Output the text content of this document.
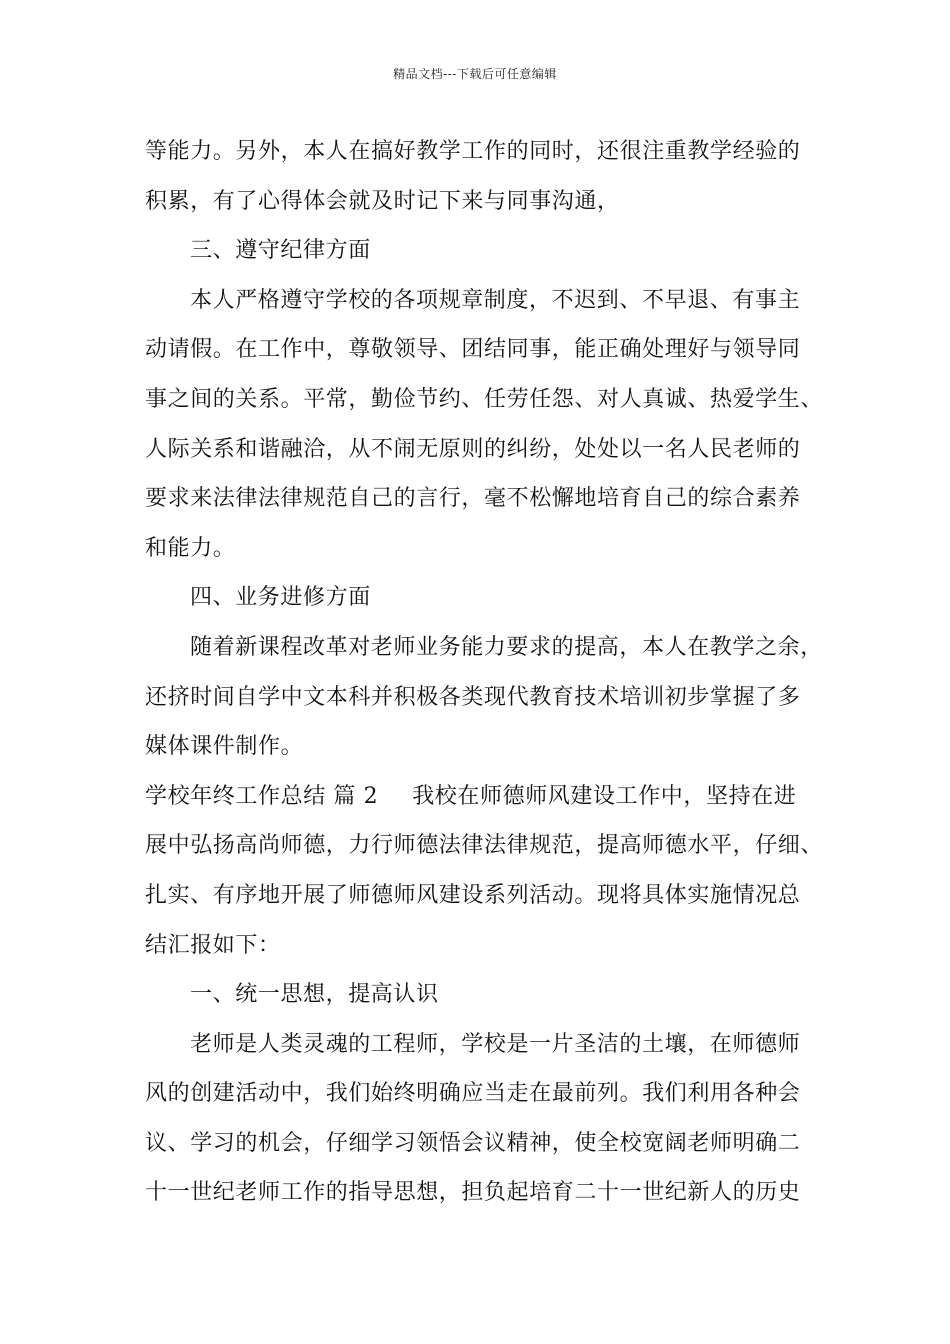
精品文档---下载后可任意编辑
等能力。另外，本人在搞好教学工作的同时，还很注重教学经验的
积累，有了心得体会就及时记下来与同事沟通，
三、遵守纪律方面
本人严格遵守学校的各项规章制度，不迟到、不早退、有事主
动请假。在工作中，尊敬领导、团结同事，能正确处理好与领导同
事之间的关系。平常，勤俭节约、任劳任怨、对人真诚、热爱学生、
人际关系和谐融洽，从不闹无原则的纠纷，处处以一名人民老师的
要求来法律法律规范自己的言行，毫不松懈地培育自己的综合素养
和能力。
四、业务进修方面
随着新课程改革对老师业务能力要求的提高，本人在教学之余，
还挤时间自学中文本科并积极各类现代教育技术培训初步掌握了多
媒体课件制作。
学校年终工作总结 篇 2 我校在师德师风建设工作中，坚持在进
展中弘扬高尚师德，力行师德法律法律规范，提高师德水平，仔细、
扎实、有序地开展了师德师风建设系列活动。现将具体实施情况总
结汇报如下：
一、统一思想，提高认识
老师是人类灵魂的工程师，学校是一片圣洁的土壤，在师德师
风的创建活动中，我们始终明确应当走在最前列。我们利用各种会
议、学习的机会，仔细学习领悟会议精神，使全校宽阔老师明确二
十一世纪老师工作的指导思想，担负起培育二十一世纪新人的历史
